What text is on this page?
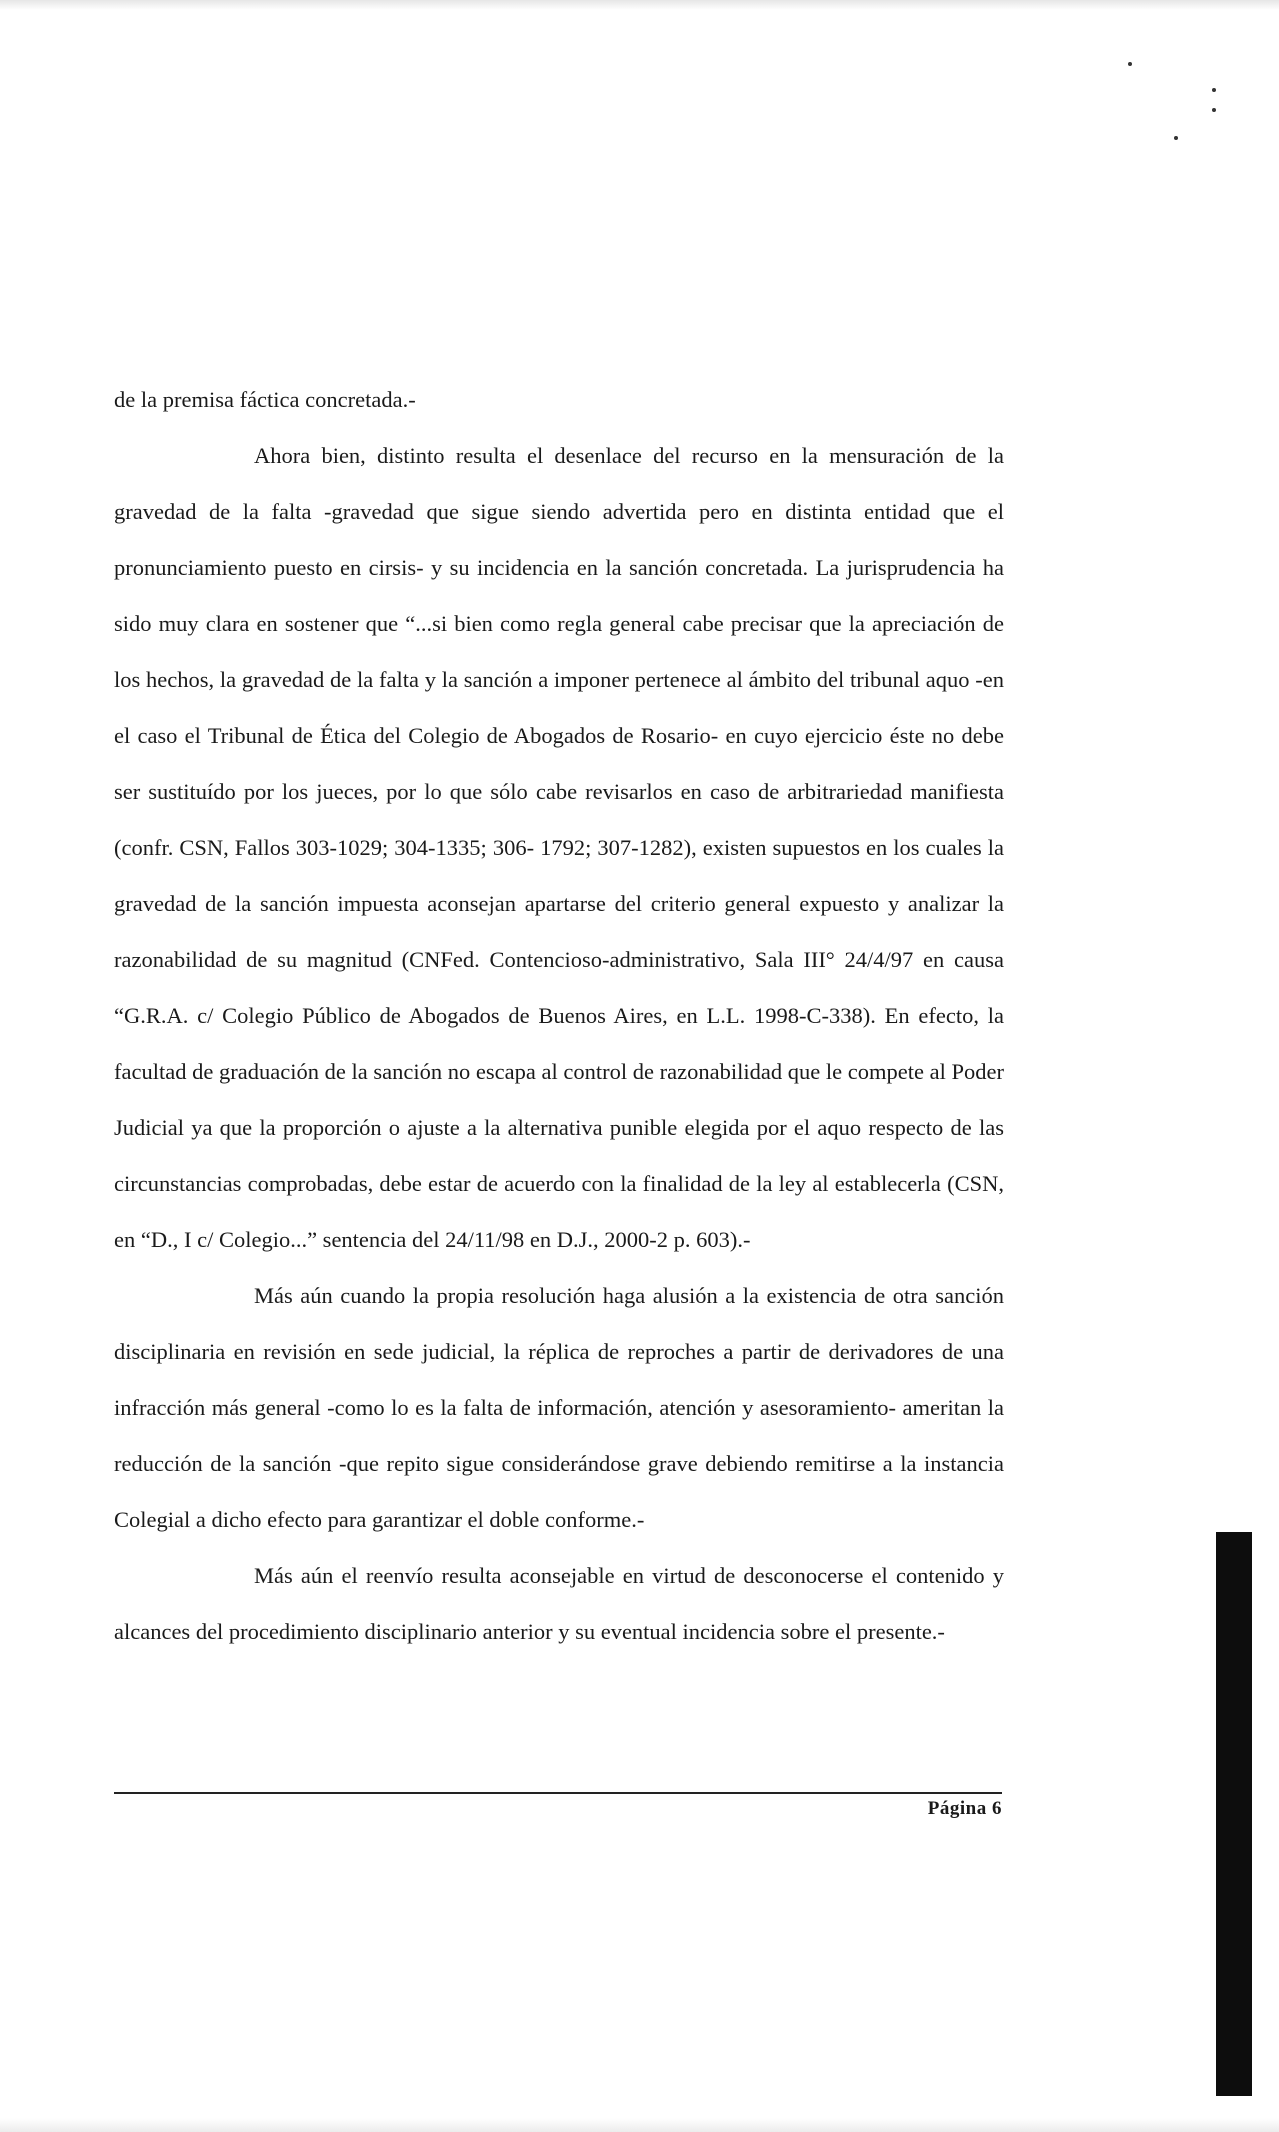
de la premisa fáctica concretada.-

Ahora bien, distinto resulta el desenlace del recurso en la mensuración de la gravedad de la falta -gravedad que sigue siendo advertida pero en distinta entidad que el pronunciamiento puesto en cirsis- y su incidencia en la sanción concretada. La jurisprudencia ha sido muy clara en sostener que “...si bien como regla general cabe precisar que la apreciación de los hechos, la gravedad de la falta y la sanción a imponer pertenece al ámbito del tribunal aquo -en el caso el Tribunal de Ética del Colegio de Abogados de Rosario- en cuyo ejercicio éste no debe ser sustituído por los jueces, por lo que sólo cabe revisarlos en caso de arbitrariedad manifiesta (confr. CSN, Fallos 303-1029; 304-1335; 306- 1792; 307-1282), existen supuestos en los cuales la gravedad de la sanción impuesta aconsejan apartarse del criterio general expuesto y analizar la razonabilidad de su magnitud (CNFed. Contencioso-administrativo, Sala III° 24/4/97 en causa “G.R.A. c/ Colegio Público de Abogados de Buenos Aires, en L.L. 1998-C-338). En efecto, la facultad de graduación de la sanción no escapa al control de razonabilidad que le compete al Poder Judicial ya que la proporción o ajuste a la alternativa punible elegida por el aquo respecto de las circunstancias comprobadas, debe estar de acuerdo con la finalidad de la ley al establecerla (CSN, en “D., I c/ Colegio...” sentencia del 24/11/98 en D.J., 2000-2 p. 603).-

Más aún cuando la propia resolución haga alusión a la existencia de otra sanción disciplinaria en revisión en sede judicial, la réplica de reproches a partir de derivadores de una infracción más general -como lo es la falta de información, atención y asesoramiento- ameritan la reducción de la sanción -que repito sigue considerándose grave debiendo remitirse a la instancia Colegial a dicho efecto para garantizar el doble conforme.-

Más aún el reenvío resulta aconsejable en virtud de desconocerse el contenido y alcances del procedimiento disciplinario anterior y su eventual incidencia sobre el presente.-

Página 6
